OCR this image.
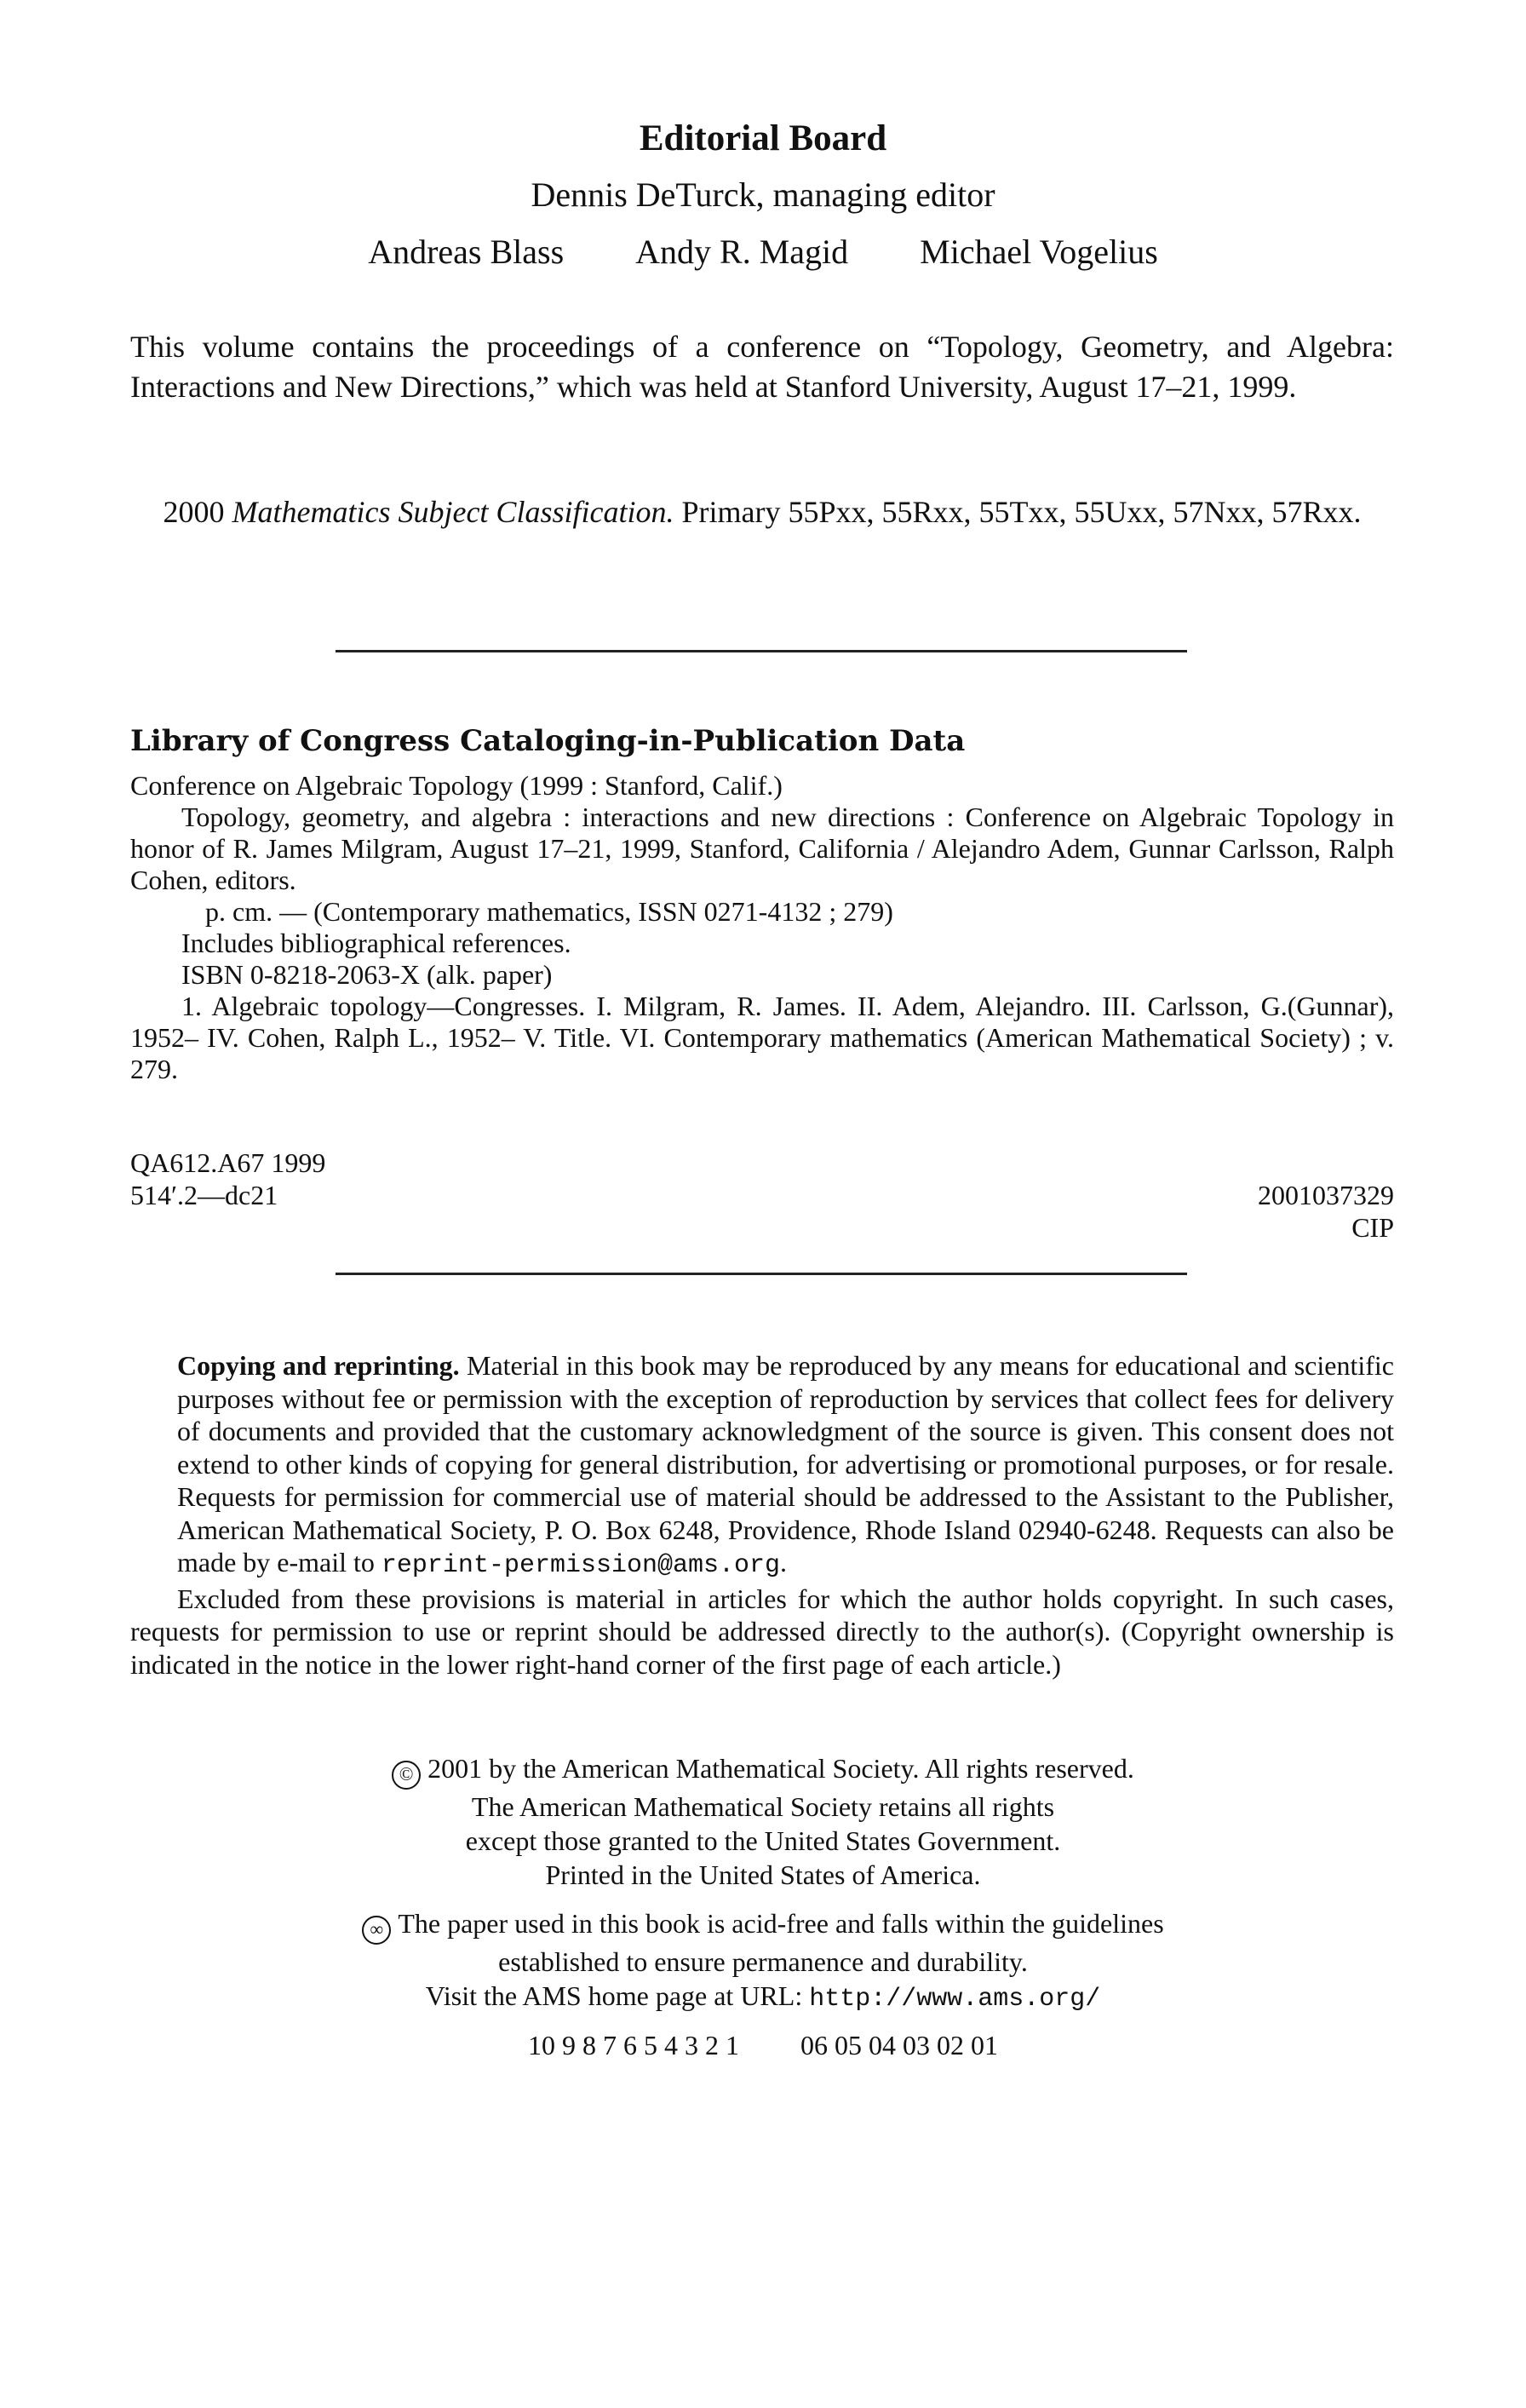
Editorial Board
Dennis DeTurck, managing editor
Andreas Blass Andy R. Magid Michael Vogelius
This volume contains the proceedings of a conference on “Topology, Geometry, and Algebra: Interactions and New Directions,” which was held at Stanford University, August 17–21, 1999.
2000 Mathematics Subject Classification. Primary 55Pxx, 55Rxx, 55Txx, 55Uxx, 57Nxx, 57Rxx.
Library of Congress Cataloging-in-Publication Data

Conference on Algebraic Topology (1999 : Stanford, Calif.)

Topology, geometry, and algebra : interactions and new directions : Conference on Algebraic Topology in honor of R. James Milgram, August 17–21, 1999, Stanford, California / Alejandro Adem, Gunnar Carlsson, Ralph Cohen, editors.

p. cm. — (Contemporary mathematics, ISSN 0271-4132 ; 279)

Includes bibliographical references.

ISBN 0-8218-2063-X (alk. paper)

1. Algebraic topology—Congresses. I. Milgram, R. James. II. Adem, Alejandro. III. Carlsson, G.(Gunnar), 1952– IV. Cohen, Ralph L., 1952– V. Title. VI. Contemporary mathematics (American Mathematical Society) ; v. 279.

QA612.A67 1999
514′.2—dc21	2001037329
CIP

Copying and reprinting. Material in this book may be reproduced by any means for educational and scientific purposes without fee or permission with the exception of reproduction by services that collect fees for delivery of documents and provided that the customary acknowledgment of the source is given. This consent does not extend to other kinds of copying for general distribution, for advertising or promotional purposes, or for resale. Requests for permission for commercial use of material should be addressed to the Assistant to the Publisher, American Mathematical Society, P. O. Box 6248, Providence, Rhode Island 02940-6248. Requests can also be made by e-mail to reprint-permission@ams.org.

Excluded from these provisions is material in articles for which the author holds copyright. In such cases, requests for permission to use or reprint should be addressed directly to the author(s). (Copyright ownership is indicated in the notice in the lower right-hand corner of the first page of each article.)

© 2001 by the American Mathematical Society. All rights reserved.
The American Mathematical Society retains all rights
except those granted to the United States Government.
Printed in the United States of America.
∞ The paper used in this book is acid-free and falls within the guidelines
established to ensure permanence and durability.
Visit the AMS home page at URL: http://www.ams.org/
10 9 8 7 6 5 4 3 2 1 06 05 04 03 02 01
